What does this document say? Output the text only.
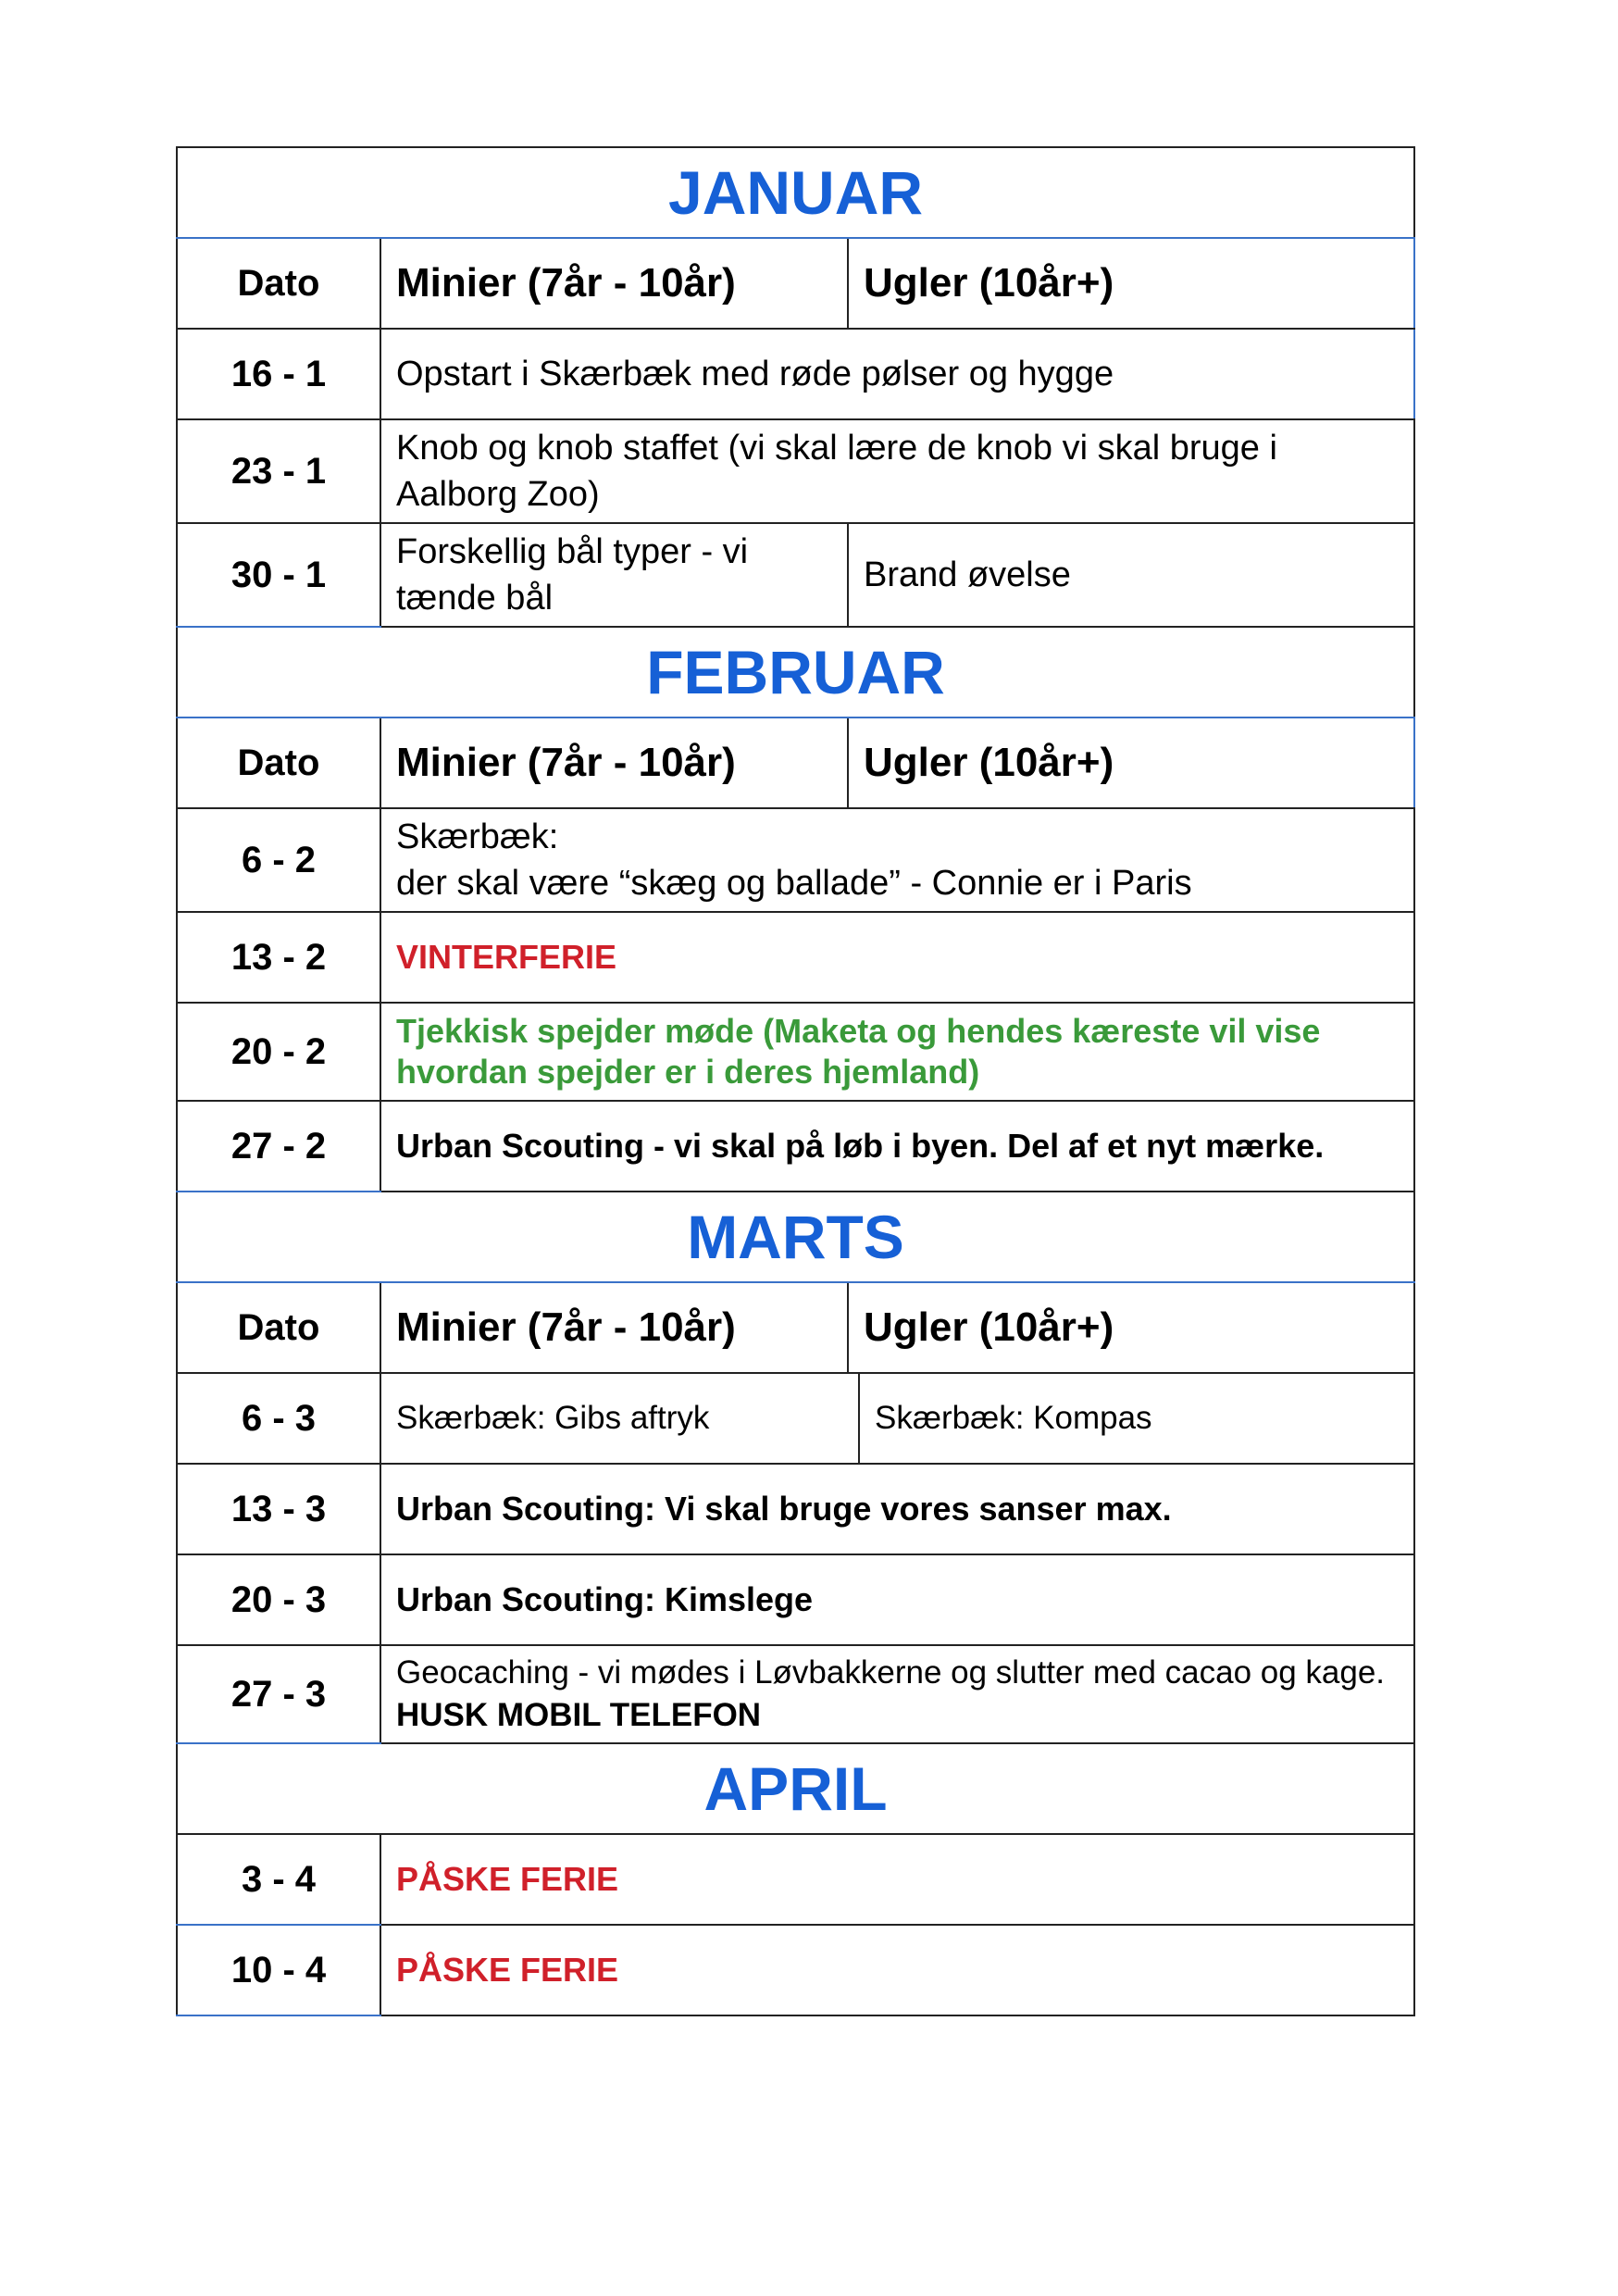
JANUAR			
Dato	Minier (7år - 10år)	Ugler (10år+)	
16 - 1	Opstart i Skærbæk med røde pølser og hygge		
23 - 1	Knob og knob staffet (vi skal lære de knob vi skal bruge i Aalborg Zoo)		
30 - 1	Forskellig bål typer - vi tænde bål	Brand øvelse	
FEBRUAR			
Dato	Minier (7år - 10år)	Ugler (10år+)	
6 - 2	Skærbæk:
der skal være “skæg og ballade” - Connie er i Paris		

13 - 2	VINTERFERIE		
20 - 2	Tjekkisk spejder møde (Maketa og hendes kæreste vil vise hvordan spejder er i deres hjemland)		
27 - 2	Urban Scouting - vi skal på løb i byen. Del af et nyt mærke.		
MARTS			
Dato	Minier (7år - 10år)	Ugler (10år+)	
6 - 3	Skærbæk: Gibs aftryk		Skærbæk: Kompas
13 - 3	Urban Scouting: Vi skal bruge vores sanser max.		
20 - 3	Urban Scouting: Kimslege		
27 - 3	Geocaching - vi mødes i Løvbakkerne og slutter med cacao og kage. HUSK MOBIL TELEFON		
APRIL			
3 - 4	PÅSKE FERIE		
10 - 4	PÅSKE FERIE		
